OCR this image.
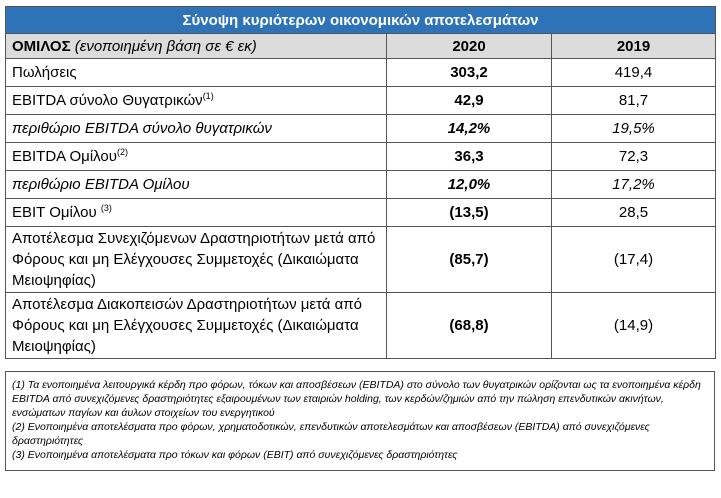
Σύνοψη κυριότερων οικονομικών αποτελεσμάτων		
ΟΜΙΛΟΣ (ενοποιημένη βάση σε € εκ)	2020	2019
Πωλήσεις	303,2	419,4
EBITDA σύνολο Θυγατρικών$^{(1)}$	42,9	81,7
περιθώριο EBITDA σύνολο θυγατρικών	14,2%	19,5%
EBITDA Ομίλου$^{(2)}$	36,3	72,3
περιθώριο EBITDA Ομίλου	12,0%	17,2%
EBIT Ομίλου $^{(3)}$	(13,5)	28,5
Αποτέλεσμα Συνεχιζόμενων Δραστηριοτήτων μετά από Φόρους και μη Ελέγχουσες Συμμετοχές (Δικαιώματα Μειοψηφίας)	(85,7)	(17,4)
Αποτέλεσμα Διακοπεισών Δραστηριοτήτων μετά από Φόρους και μη Ελέγχουσες Συμμετοχές (Δικαιώματα Μειοψηφίας)	(68,8)	(14,9)

(1) Τα ενοποιημένα λειτουργικά κέρδη προ φόρων, τόκων και αποσβέσεων (EBITDA) στο σύνολο των θυγατρικών ορίζονται ως τα ενοποιημένα κέρδη EBITDA από συνεχιζόμενες δραστηριότητες εξαιρουμένων των εταιριών holding, των κερδών/ζημιών από την πώληση επενδυτικών ακινήτων, ενσώματων παγίων και άυλων στοιχείων του ενεργητικού

(2) Ενοποιημένα αποτελέσματα προ φόρων, χρηματοδοτικών, επενδυτικών αποτελεσμάτων και αποσβέσεων (EBITDA) από συνεχιζόμενες δραστηριότητες

(3) Ενοποιημένα αποτελέσματα προ τόκων και φόρων (EBIT) από συνεχιζόμενες δραστηριότητες
